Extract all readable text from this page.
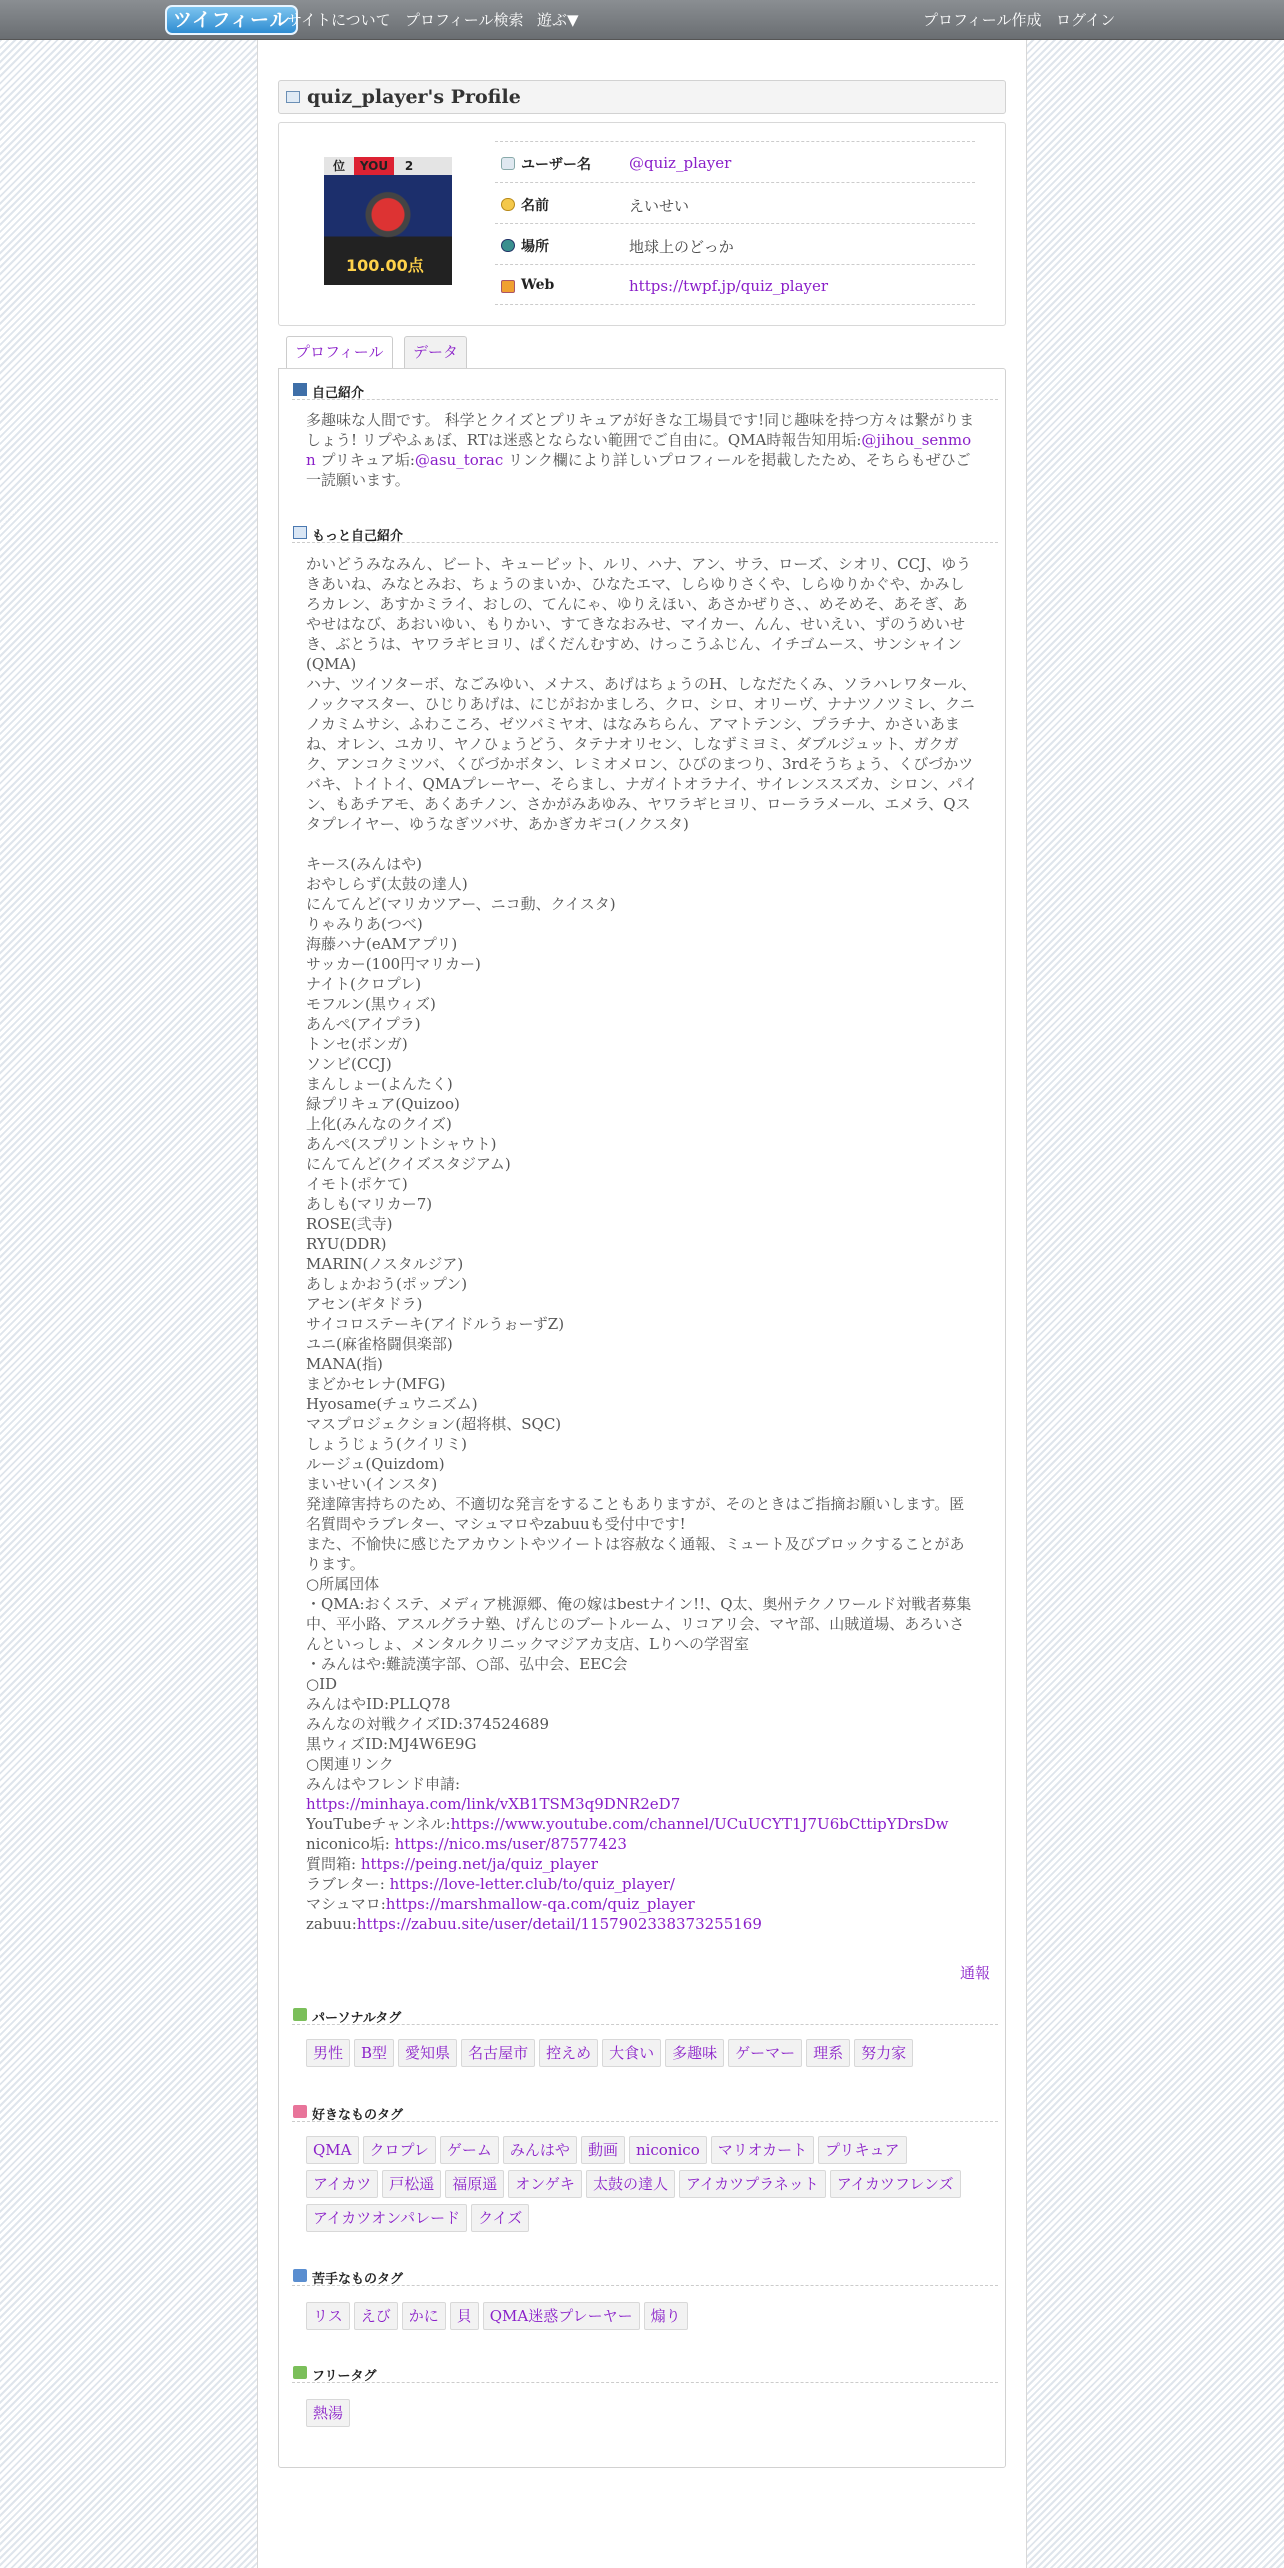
ツイフィール
サイトについて プロフィール検索 遊ぶ▼	プロフィール作成 ログイン
quiz_player's Profile
位 YOU 2
100.00点
ユーザー名	@quiz_player
名前	えいせい
場所	地球上のどっか
Web	https://twpf.jp/quiz_player
プロフィール	データ
自己紹介
多趣味な人間です。 科学とクイズとプリキュアが好きな工場員です!同じ趣味を持つ方々は繋がりましょう! リプやふぁぼ、RTは迷惑とならない範囲でご自由に。QMA時報告知用垢:@jihou_senmon プリキュア垢:@asu_torac リンク欄により詳しいプロフィールを掲載したため、そちらもぜひご一読願います。
もっと自己紹介
かいどうみなみん、ビート、キュービット、ルリ、ハナ、アン、サラ、ローズ、シオリ、CCJ、ゆうきあいね、みなとみお、ちょうのまいか、ひなたエマ、しらゆりさくや、しらゆりかぐや、かみしろカレン、あすかミライ、おしの、てんにゃ、ゆりえほい、あさかぜりさ、、めそめそ、あそぎ、あやせはなび、あおいゆい、もりかい、すてきなおみせ、マイカー、んん、せいえい、ずのうめいせき、ぶとうは、ヤワラギヒヨリ、ぱくだんむすめ、けっこうふじん、イチゴムース、サンシャイン(QMA)
ハナ、ツイソターボ、なごみゆい、メナス、あげはちょうのH、しなだたくみ、ソラハレワタール、ノックマスター、ひじりあげは、にじがおかましろ、クロ、シロ、オリーヴ、ナナツノツミレ、クニノカミムサシ、ふわこころ、ゼツバミヤオ、はなみちらん、アマトテンシ、プラチナ、かさいあまね、オレン、ユカリ、ヤノひょうどう、タテナオリセン、しなずミヨミ、ダブルジュット、ガクガク、アンコクミツバ、くびづかボタン、レミオメロン、ひびのまつり、3rdそうちょう、くびづかツバキ、トイトイ、QMAプレーヤー、そらまし、ナガイトオラナイ、サイレンススズカ、シロン、パイン、もあチアモ、あくあチノン、さかがみあゆみ、ヤワラギヒヨリ、ローララメール、エメラ、Qスタプレイヤー、ゆうなぎツバサ、あかぎカギコ(ノクスタ)
キース(みんはや)
おやしらず(太鼓の達人)
にんてんど(マリカツアー、ニコ動、クイスタ)
りゃみりあ(つべ)
海藤ハナ(eAMアプリ)
サッカー(100円マリカー)
ナイト(クロプレ)
モフルン(黒ウィズ)
あんぺ(アイプラ)
トンセ(ボンガ)
ソンビ(CCJ)
まんしょー(よんたく)
緑プリキュア(Quizoo)
上化(みんなのクイズ)
あんぺ(スプリントシャウト)
にんてんど(クイズスタジアム)
イモト(ポケて)
あしも(マリカー7)
ROSE(弐寺)
RYU(DDR)
MARIN(ノスタルジア)
あしょかおう(ポップン)
アセン(ギタドラ)
サイコロステーキ(アイドルうぉーずZ)
ユニ(麻雀格闘倶楽部)
MANA(指)
まどかセレナ(MFG)
Hyosame(チュウニズム)
マスプロジェクション(超将棋、SQC)
しょうじょう(クイリミ)
ルージュ(Quizdom)
まいせい(インスタ)
発達障害持ちのため、不適切な発言をすることもありますが、そのときはご指摘お願いします。匿名質問やラブレター、マシュマロやzabuuも受付中です!
また、不愉快に感じたアカウントやツイートは容赦なく通報、ミュート及びブロックすることがあります。
○所属団体
・QMA:おくステ、メディア桃源郷、俺の嫁はbestナイン!!、Q太、奥州テクノワールド対戦者募集中、平小路、アスルグラナ塾、げんじのブートルーム、リコアリ会、マヤ部、山賊道場、あろいさんといっしょ、メンタルクリニックマジアカ支店、Lりへの学習室
・みんはや:難読漢字部、○部、弘中会、EEC会
○ID
みんはやID:PLLQ78
みんなの対戦クイズID:374524689
黒ウィズID:MJ4W6E9G
○関連リンク
みんはやフレンド申請:
https://minhaya.com/link/vXB1TSM3q9DNR2eD7
YouTubeチャンネル:https://www.youtube.com/channel/UCuUCYT1J7U6bCttipYDrsDw
niconico垢: https://nico.ms/user/87577423
質問箱: https://peing.net/ja/quiz_player
ラブレター: https://love-letter.club/to/quiz_player/
マシュマロ:https://marshmallow-qa.com/quiz_player
zabuu:https://zabuu.site/user/detail/1157902338373255169
通報
パーソナルタグ
男性	B型	愛知県	名古屋市	控えめ	大食い	多趣味	ゲーマー	理系	努力家
好きなものタグ
QMA	クロプレ	ゲーム	みんはや	動画	niconico	マリオカート	プリキュア
アイカツ	戸松遥	福原遥	オンゲキ	太鼓の達人	アイカツプラネット	アイカツフレンズ
アイカツオンパレード	クイズ
苦手なものタグ
リス	えび	かに	貝	QMA迷惑プレーヤー	煽り
フリータグ
熱湯
